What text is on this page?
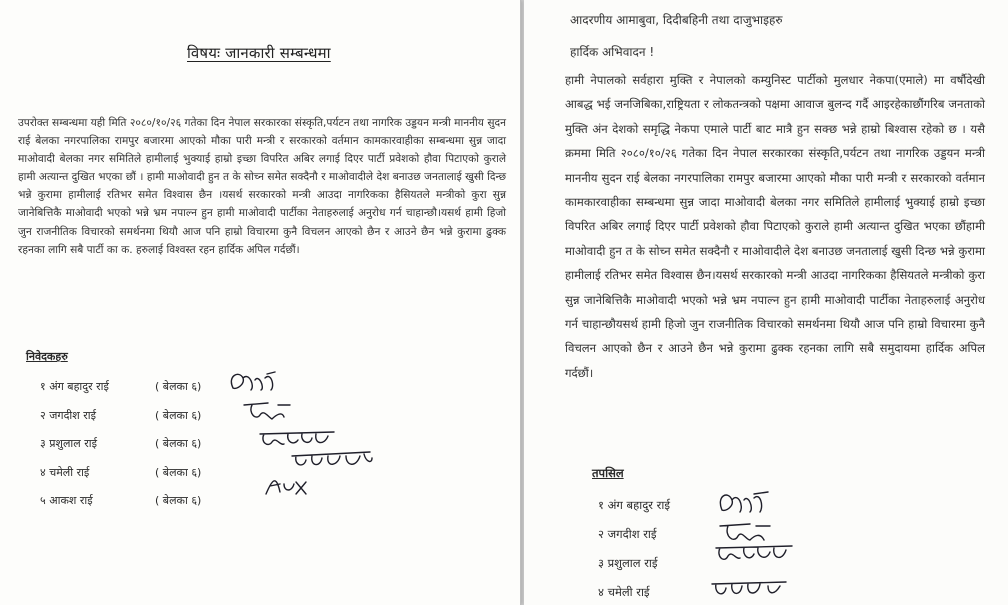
विषयः जानकारी सम्बन्धमा
उपरोक्त सम्बन्धमा यही मिति २०८०/१०/२६ गतेका दिन नेपाल सरकारका संस्कृति,पर्यटन तथा नागरिक उड्डयन मन्त्री माननीय सुदन राई बेलका नगरपालिका रामपुर बजारमा आएको मौका पारी मन्त्री र सरकारको वर्तमान कामकारवाहीका सम्बन्धमा सुन्न जादा माओवादी बेलका नगर समितिले हामीलाई भुक्याई हाम्रो इच्छा विपरित अबिर लगाई दिएर पार्टी प्रवेशको हौवा पिटाएको कुराले हामी अत्यान्त दुखित भएका छौं । हामी माओवादी हुन त के सोच्न समेत सक्दैनौ र माओवादीले देश बनाउछ जनतालाई खुसी दिन्छ भन्ने कुरामा हामीलाई रतिभर समेत विश्वास छैन ।यसर्थ सरकारको मन्त्री आउदा नागरिकका हैसियतले मन्त्रीको कुरा सुन्न जानेबित्तिकै माओवादी भएको भन्ने भ्रम नपाल्न हुन हामी माओवादी पार्टीका नेताहरुलाई अनुरोध गर्न चाहान्छौ।यसर्थ हामी हिजो जुन राजनीतिक विचारको समर्थनमा थियौ आज पनि हाम्रो विचारमा कुनै विचलन आएको छैन र आउने छैन भन्ने कुरामा ढुक्क रहनका लागि सबै पार्टी का क. हरुलाई विश्वस्त रहन हार्दिक अपिल गर्दछौं।
निवेदकहरु
१ अंग बहादुर राई	( बेलका ६)
२ जगदीश राई	( बेलका ६)
३ प्रशुलाल राई	( बेलका ६)
४ चमेली राई	( बेलका ६)
५ आकश राई	( बेलका ६)
आदरणीय आमाबुवा, दिदीबहिनी तथा दाजुभाइहरु
हार्दिक अभिवादन !
हामी नेपालको सर्वहारा मुक्ति र नेपालको कम्युनिस्ट पार्टीको मुलधार नेकपा(एमाले) मा वर्षौदेखी आबद्ध भई जनजिबिका,राष्ट्रियता र लोकतन्त्रको पक्षमा आवाज बुलन्द गर्दै आइरहेकाछौंगरिब जनताको मुक्ति अंन देशको समृद्धि नेकपा एमाले पार्टी बाट मात्रै हुन सक्छ भन्ने हाम्रो बिश्वास रहेको छ । यसै क्रममा मिति २०८०/१०/२६ गतेका दिन नेपाल सरकारका संस्कृति,पर्यटन तथा नागरिक उड्डयन मन्त्री माननीय सुदन राई बेलका नगरपालिका रामपुर बजारमा आएको मौका पारी मन्त्री र सरकारको वर्तमान कामकारवाहीका सम्बन्धमा सुन्न जादा माओवादी बेलका नगर समितिले हामीलाई भुक्याई हाम्रो इच्छा विपरित अबिर लगाई दिएर पार्टी प्रवेशको हौवा पिटाएको कुराले हामी अत्यान्त दुखित भएका छौंहामी माओवादी हुन त के सोच्न समेत सक्दैनौ र माओवादीले देश बनाउछ जनतालाई खुसी दिन्छ भन्ने कुरामा हामीलाई रतिभर समेत विश्वास छैन।यसर्थ सरकारको मन्त्री आउदा नागरिकका हैसियतले मन्त्रीको कुरा सुन्न जानेबित्तिकै माओवादी भएको भन्ने भ्रम नपाल्न हुन हामी माओवादी पार्टीका नेताहरुलाई अनुरोध गर्न चाहान्छौयसर्थ हामी हिजो जुन राजनीतिक विचारको समर्थनमा थियौ आज पनि हाम्रो विचारमा कुनै विचलन आएको छैन र आउने छैन भन्ने कुरामा ढुक्क रहनका लागि सबै समुदायमा हार्दिक अपिल गर्दछौं।
तपसिल
१ अंग बहादुर राई
२ जगदीश राई
३ प्रशुलाल राई
४ चमेली राई
